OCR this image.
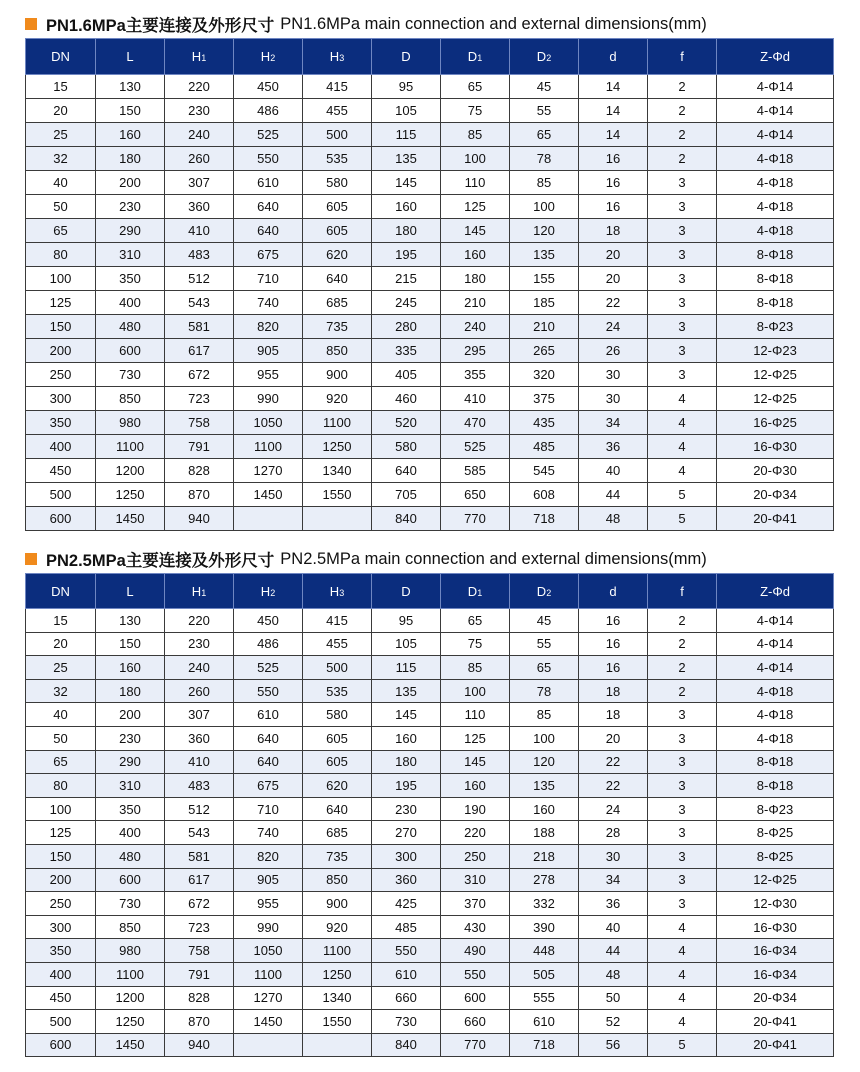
PN1.6MPa主要连接及外形尺寸 PN1.6MPa main connection and external dimensions(mm)
DN	L	H1	H2	H3	D	D1	D2	d	f	Z-Φd
15	130	220	450	415	95	65	45	14	2	4-Φ14
20	150	230	486	455	105	75	55	14	2	4-Φ14
25	160	240	525	500	115	85	65	14	2	4-Φ14
32	180	260	550	535	135	100	78	16	2	4-Φ18
40	200	307	610	580	145	110	85	16	3	4-Φ18
50	230	360	640	605	160	125	100	16	3	4-Φ18
65	290	410	640	605	180	145	120	18	3	4-Φ18
80	310	483	675	620	195	160	135	20	3	8-Φ18
100	350	512	710	640	215	180	155	20	3	8-Φ18
125	400	543	740	685	245	210	185	22	3	8-Φ18
150	480	581	820	735	280	240	210	24	3	8-Φ23
200	600	617	905	850	335	295	265	26	3	12-Φ23
250	730	672	955	900	405	355	320	30	3	12-Φ25
300	850	723	990	920	460	410	375	30	4	12-Φ25
350	980	758	1050	1100	520	470	435	34	4	16-Φ25
400	1100	791	1100	1250	580	525	485	36	4	16-Φ30
450	1200	828	1270	1340	640	585	545	40	4	20-Φ30
500	1250	870	1450	1550	705	650	608	44	5	20-Φ34
600	1450	940			840	770	718	48	5	20-Φ41
PN2.5MPa主要连接及外形尺寸 PN2.5MPa main connection and external dimensions(mm)
DN	L	H1	H2	H3	D	D1	D2	d	f	Z-Φd
15	130	220	450	415	95	65	45	16	2	4-Φ14
20	150	230	486	455	105	75	55	16	2	4-Φ14
25	160	240	525	500	115	85	65	16	2	4-Φ14
32	180	260	550	535	135	100	78	18	2	4-Φ18
40	200	307	610	580	145	110	85	18	3	4-Φ18
50	230	360	640	605	160	125	100	20	3	4-Φ18
65	290	410	640	605	180	145	120	22	3	8-Φ18
80	310	483	675	620	195	160	135	22	3	8-Φ18
100	350	512	710	640	230	190	160	24	3	8-Φ23
125	400	543	740	685	270	220	188	28	3	8-Φ25
150	480	581	820	735	300	250	218	30	3	8-Φ25
200	600	617	905	850	360	310	278	34	3	12-Φ25
250	730	672	955	900	425	370	332	36	3	12-Φ30
300	850	723	990	920	485	430	390	40	4	16-Φ30
350	980	758	1050	1100	550	490	448	44	4	16-Φ34
400	1100	791	1100	1250	610	550	505	48	4	16-Φ34
450	1200	828	1270	1340	660	600	555	50	4	20-Φ34
500	1250	870	1450	1550	730	660	610	52	4	20-Φ41
600	1450	940			840	770	718	56	5	20-Φ41
